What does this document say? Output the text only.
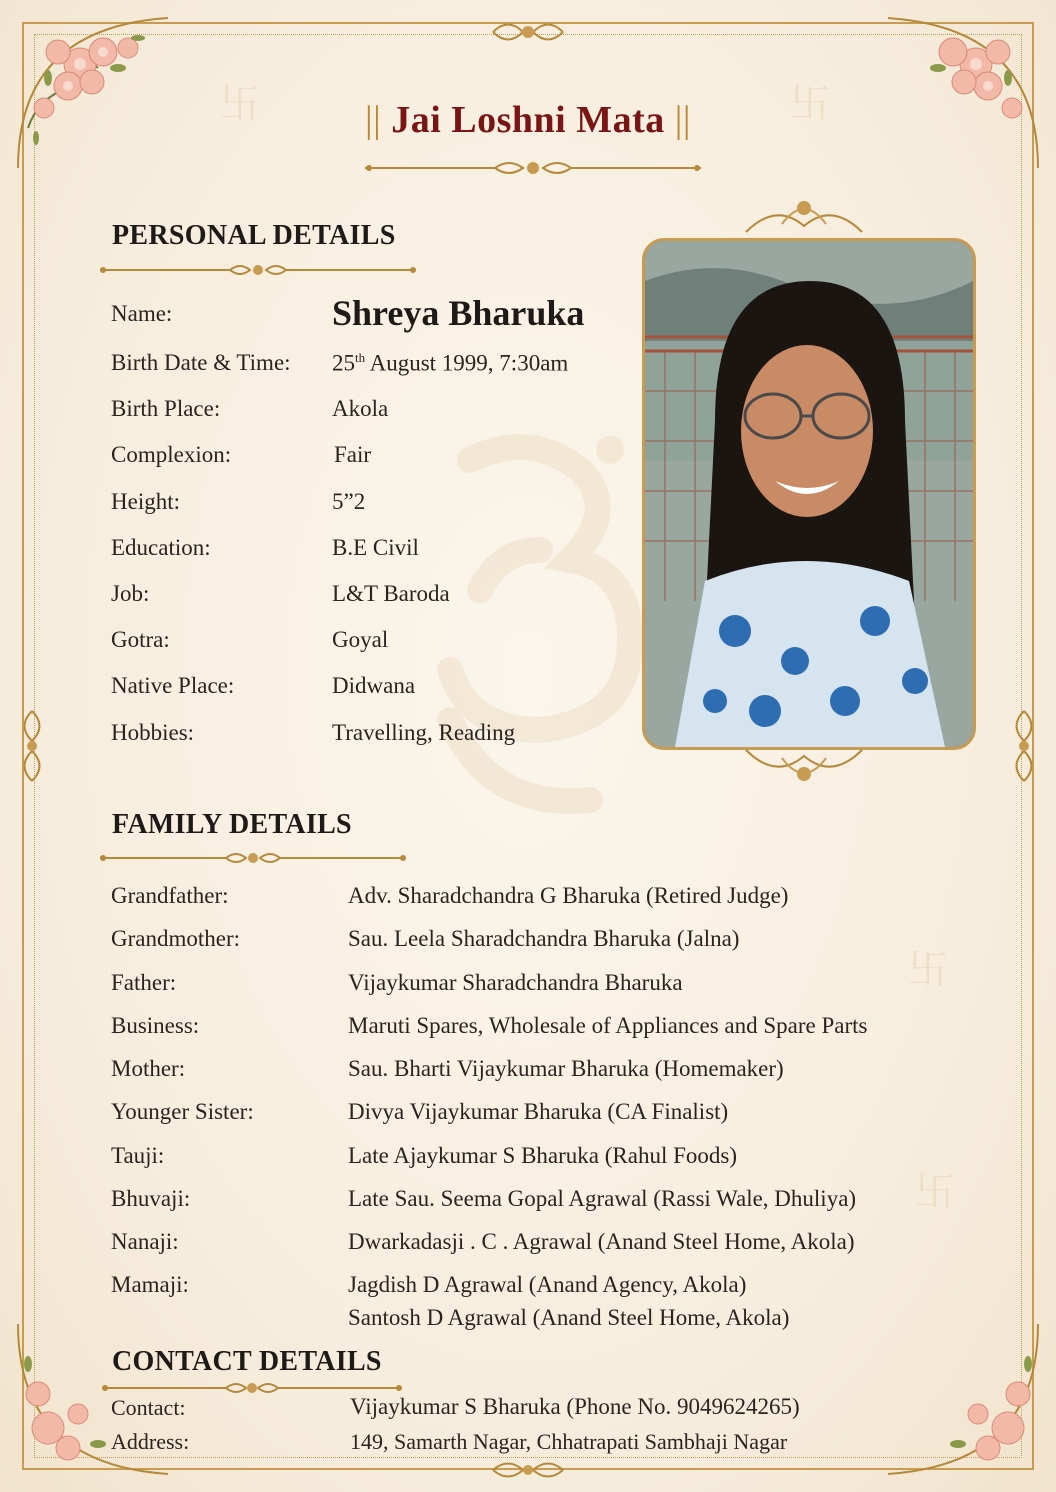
卐	卐
卐
卐
|| Jai Loshni Mata ||
PERSONAL DETAILS
Name:	Shreya Bharuka
Birth Date & Time: 25th August 1999, 7:30am
Birth Place:	Akola
Complexion:	Fair
Height:	5”2
Education:	B.E Civil
Job:	L&T Baroda
Gotra:	Goyal
Native Place:	Didwana
Hobbies:	Travelling, Reading
FAMILY DETAILS
Grandfather:	Adv. Sharadchandra G Bharuka (Retired Judge)
Grandmother:	Sau. Leela Sharadchandra Bharuka (Jalna)
Father:	Vijaykumar Sharadchandra Bharuka
Business:	Maruti Spares, Wholesale of Appliances and Spare Parts
Mother:	Sau. Bharti Vijaykumar Bharuka (Homemaker)
Younger Sister:	Divya Vijaykumar Bharuka (CA Finalist)
Tauji:	Late Ajaykumar S Bharuka (Rahul Foods)
Bhuvaji:	Late Sau. Seema Gopal Agrawal (Rassi Wale, Dhuliya)
Nanaji:	Dwarkadasji . C . Agrawal (Anand Steel Home, Akola)
Mamaji:	Jagdish D Agrawal (Anand Agency, Akola)
Santosh D Agrawal (Anand Steel Home, Akola)
CONTACT DETAILS
Contact:	Vijaykumar S Bharuka (Phone No. 9049624265)
Address:	149, Samarth Nagar, Chhatrapati Sambhaji Nagar
